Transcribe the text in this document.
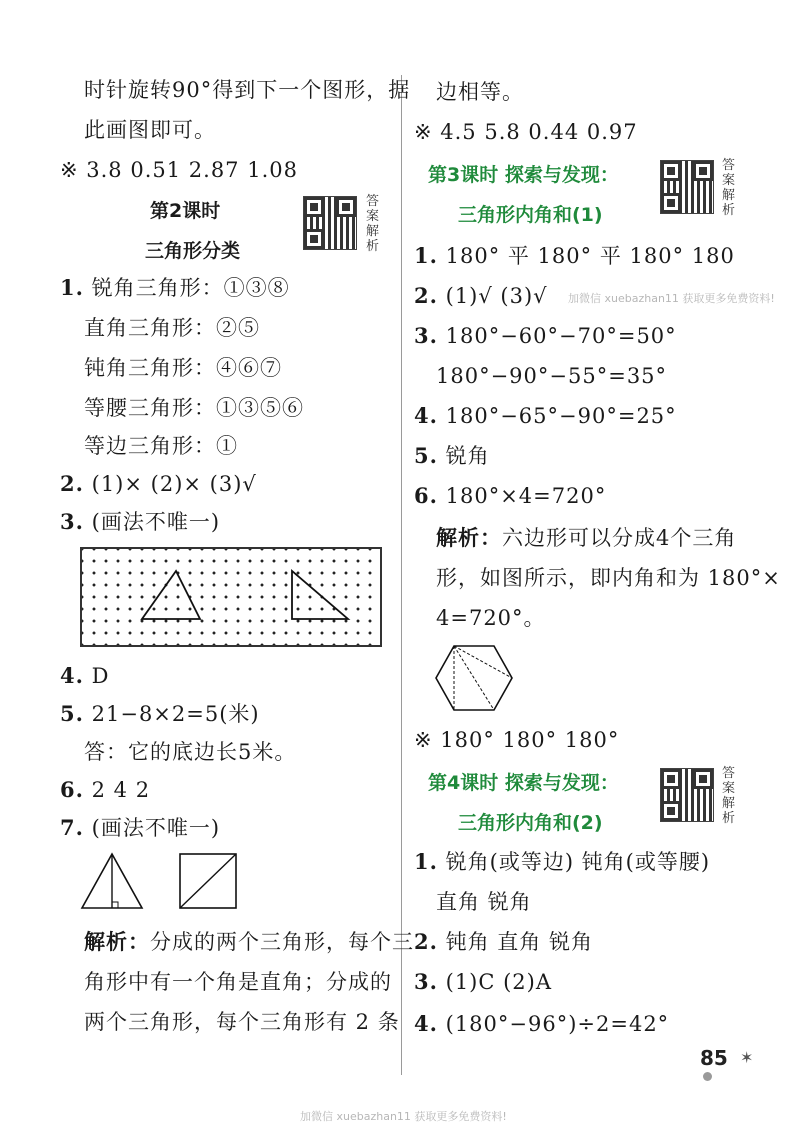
时针旋转90°得到下一个图形，据
此画图即可。
※ 3.8 0.51 2.87 1.08
第2课时
三角形分类
答案解析
1. 锐角三角形：①③⑧
直角三角形：②⑤
钝角三角形：④⑥⑦
等腰三角形：①③⑤⑥
等边三角形：①
2. (1)× (2)× (3)√
3. (画法不唯一)
4. D
5. 21−8×2=5(米)
答：它的底边长5米。
6. 2 4 2
7. (画法不唯一)
解析：分成的两个三角形，每个三
角形中有一个角是直角；分成的
两个三角形，每个三角形有 2 条
边相等。
※ 4.5 5.8 0.44 0.97
第3课时 探索与发现：
三角形内角和(1)
答案解析
1. 180° 平 180° 平 180° 180
2. (1)√ (3)√ 加微信 xuebazhan11 获取更多免费资料!
3. 180°−60°−70°=50°
180°−90°−55°=35°
4. 180°−65°−90°=25°
5. 锐角
6. 180°×4=720°
解析：六边形可以分成4个三角
形，如图所示，即内角和为 180°×
4=720°。
※ 180° 180° 180°
第4课时 探索与发现：
三角形内角和(2)
答案解析
1. 锐角(或等边) 钝角(或等腰)
直角 锐角
2. 钝角 直角 锐角
3. (1)C (2)A
4. (180°−96°)÷2=42°
85 ✶
加微信 xuebazhan11 获取更多免费资料!
